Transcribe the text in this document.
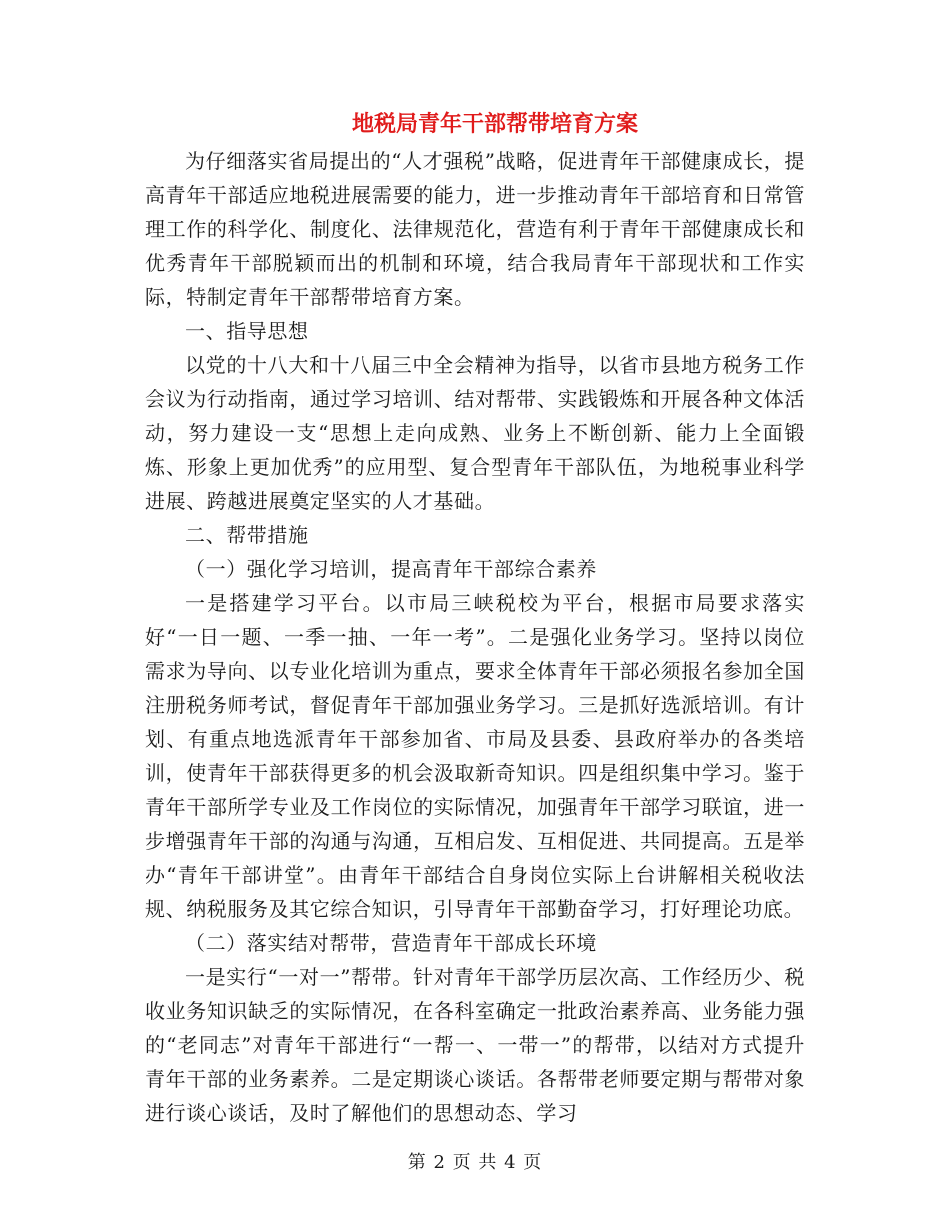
地税局青年干部帮带培育方案

为仔细落实省局提出的“人才强税”战略，促进青年干部健康成长，提高青年干部适应地税进展需要的能力，进一步推动青年干部培育和日常管理工作的科学化、制度化、法律规范化，营造有利于青年干部健康成长和优秀青年干部脱颖而出的机制和环境，结合我局青年干部现状和工作实际，特制定青年干部帮带培育方案。

一、指导思想

以党的十八大和十八届三中全会精神为指导，以省市县地方税务工作会议为行动指南，通过学习培训、结对帮带、实践锻炼和开展各种文体活动，努力建设一支“思想上走向成熟、业务上不断创新、能力上全面锻炼、形象上更加优秀”的应用型、复合型青年干部队伍，为地税事业科学进展、跨越进展奠定坚实的人才基础。

二、帮带措施

（一）强化学习培训，提高青年干部综合素养

一是搭建学习平台。以市局三峡税校为平台，根据市局要求落实好“一日一题、一季一抽、一年一考”。二是强化业务学习。坚持以岗位需求为导向、以专业化培训为重点，要求全体青年干部必须报名参加全国注册税务师考试，督促青年干部加强业务学习。三是抓好选派培训。有计划、有重点地选派青年干部参加省、市局及县委、县政府举办的各类培训，使青年干部获得更多的机会汲取新奇知识。四是组织集中学习。鉴于青年干部所学专业及工作岗位的实际情况，加强青年干部学习联谊，进一步增强青年干部的沟通与沟通，互相启发、互相促进、共同提高。五是举办“青年干部讲堂”。由青年干部结合自身岗位实际上台讲解相关税收法规、纳税服务及其它综合知识，引导青年干部勤奋学习，打好理论功底。

（二）落实结对帮带，营造青年干部成长环境

一是实行“一对一”帮带。针对青年干部学历层次高、工作经历少、税收业务知识缺乏的实际情况，在各科室确定一批政治素养高、业务能力强的“老同志”对青年干部进行“一帮一、一带一”的帮带，以结对方式提升青年干部的业务素养。二是定期谈心谈话。各帮带老师要定期与帮带对象进行谈心谈话，及时了解他们的思想动态、学习

第 2 页 共 4 页
